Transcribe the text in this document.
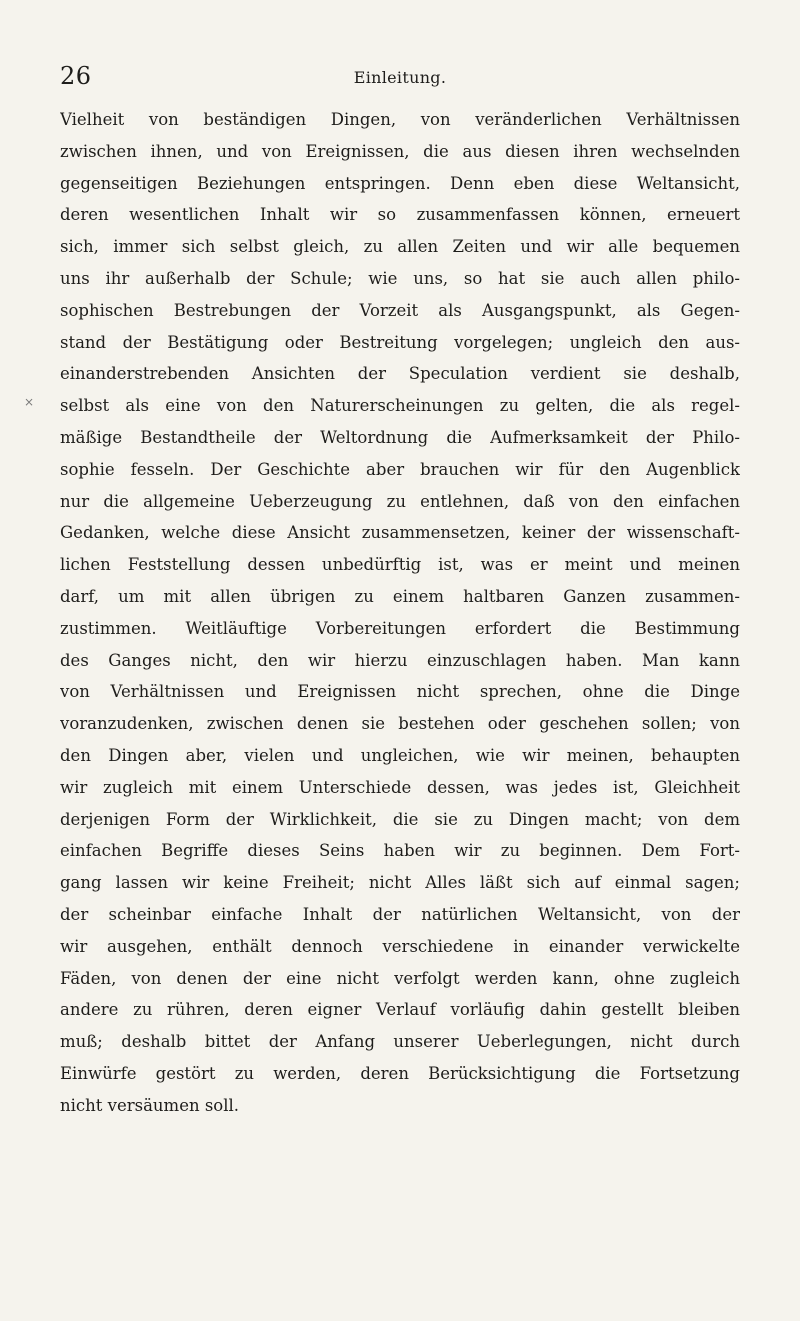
26	Einleitung.
×
Vielheit von beständigen Dingen, von veränderlichen Verhältnissen
zwischen ihnen, und von Ereignissen, die aus diesen ihren wechselnden
gegenseitigen Beziehungen entspringen. Denn eben diese Weltansicht,
deren wesentlichen Inhalt wir so zusammenfassen können, erneuert
sich, immer sich selbst gleich, zu allen Zeiten und wir alle bequemen
uns ihr außerhalb der Schule; wie uns, so hat sie auch allen philo-
sophischen Bestrebungen der Vorzeit als Ausgangspunkt, als Gegen-
stand der Bestätigung oder Bestreitung vorgelegen; ungleich den aus-
einanderstrebenden Ansichten der Speculation verdient sie deshalb,
selbst als eine von den Naturerscheinungen zu gelten, die als regel-
mäßige Bestandtheile der Weltordnung die Aufmerksamkeit der Philo-
sophie fesseln. Der Geschichte aber brauchen wir für den Augenblick
nur die allgemeine Ueberzeugung zu entlehnen, daß von den einfachen
Gedanken, welche diese Ansicht zusammensetzen, keiner der wissenschaft-
lichen Feststellung dessen unbedürftig ist, was er meint und meinen
darf, um mit allen übrigen zu einem haltbaren Ganzen zusammen-
zustimmen. Weitläuftige Vorbereitungen erfordert die Bestimmung
des Ganges nicht, den wir hierzu einzuschlagen haben. Man kann
von Verhältnissen und Ereignissen nicht sprechen, ohne die Dinge
voranzudenken, zwischen denen sie bestehen oder geschehen sollen; von
den Dingen aber, vielen und ungleichen, wie wir meinen, behaupten
wir zugleich mit einem Unterschiede dessen, was jedes ist, Gleichheit
derjenigen Form der Wirklichkeit, die sie zu Dingen macht; von dem
einfachen Begriffe dieses Seins haben wir zu beginnen. Dem Fort-
gang lassen wir keine Freiheit; nicht Alles läßt sich auf einmal sagen;
der scheinbar einfache Inhalt der natürlichen Weltansicht, von der
wir ausgehen, enthält dennoch verschiedene in einander verwickelte
Fäden, von denen der eine nicht verfolgt werden kann, ohne zugleich
andere zu rühren, deren eigner Verlauf vorläufig dahin gestellt bleiben
muß; deshalb bittet der Anfang unserer Ueberlegungen, nicht durch
Einwürfe gestört zu werden, deren Berücksichtigung die Fortsetzung
nicht versäumen soll.
